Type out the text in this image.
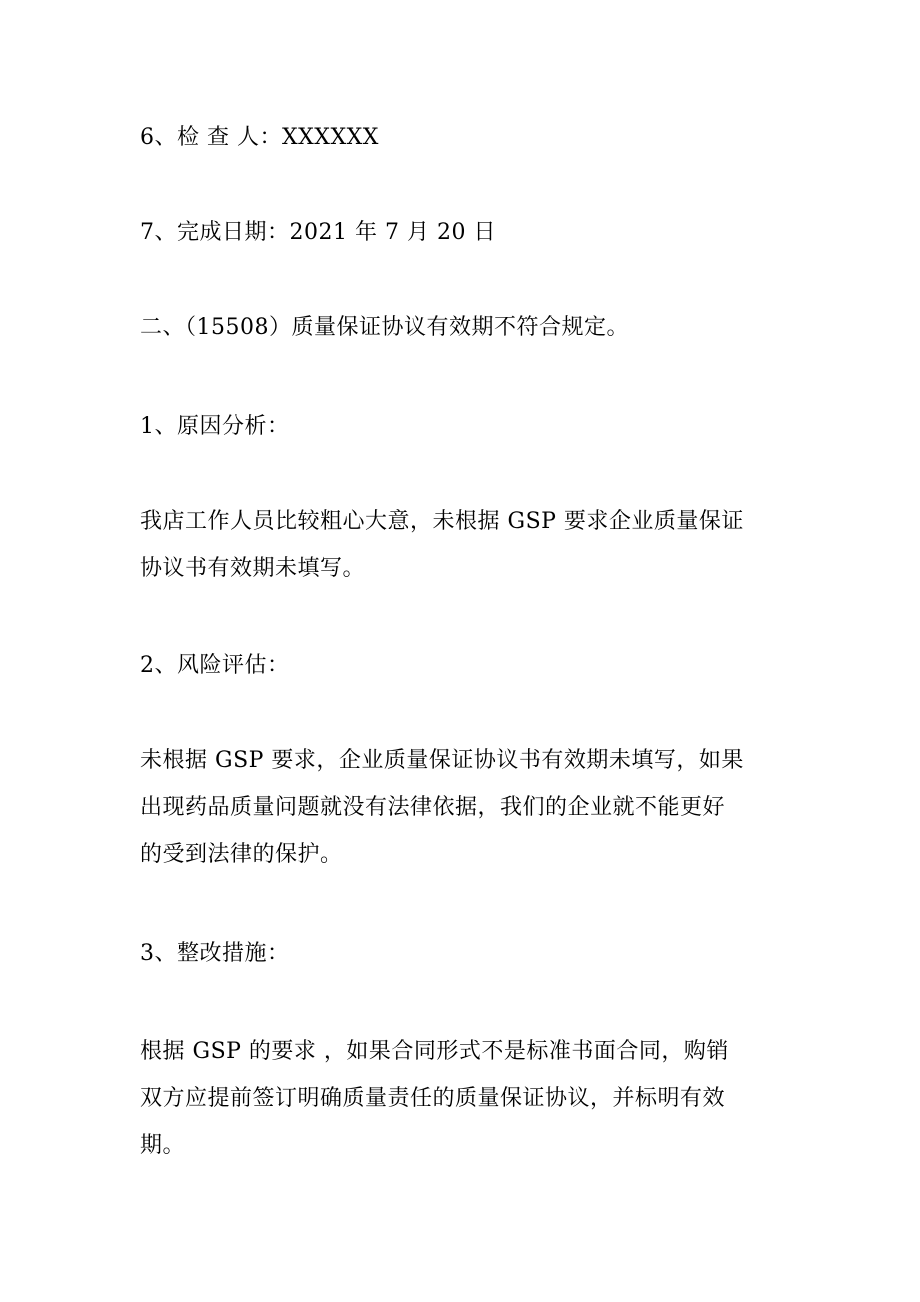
6、检 查 人：XXXXXX
7、完成日期：2021 年 7 月 20 日
二、（15508）质量保证协议有效期不符合规定。
1、原因分析：
我店工作人员比较粗心大意，未根据 GSP 要求企业质量保证
协议书有效期未填写。
2、风险评估：
未根据 GSP 要求，企业质量保证协议书有效期未填写，如果
出现药品质量问题就没有法律依据，我们的企业就不能更好
的受到法律的保护。
3、整改措施：
根据 GSP 的要求 ，如果合同形式不是标准书面合同，购销
双方应提前签订明确质量责任的质量保证协议，并标明有效
期。
